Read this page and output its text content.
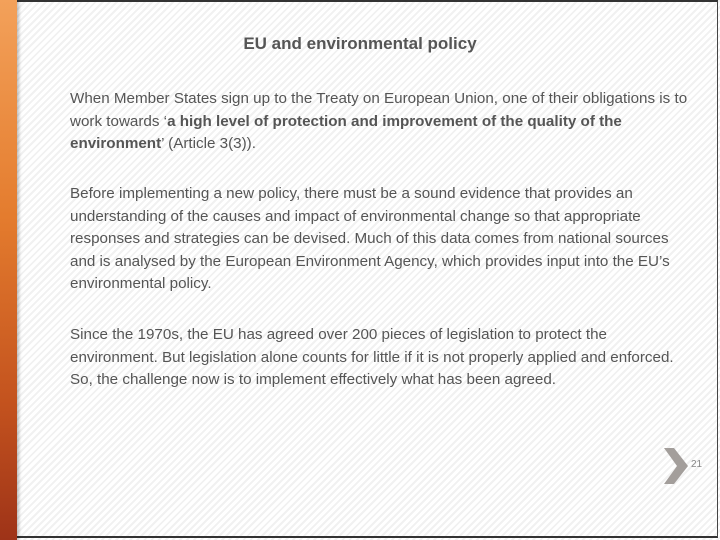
EU and environmental policy

When Member States sign up to the Treaty on European Union, one of their obligations is to work towards ‘a high level of protection and improvement of the quality of the environment’ (Article 3(3)).

Before implementing a new policy, there must be a sound evidence that provides an understanding of the causes and impact of environmental change so that appropriate responses and strategies can be devised. Much of this data comes from national sources and is analysed by the European Environment Agency, which provides input into the EU’s environmental policy.

Since the 1970s, the EU has agreed over 200 pieces of legislation to protect the environment. But legislation alone counts for little if it is not properly applied and enforced. So, the challenge now is to implement effectively what has been agreed.

21
